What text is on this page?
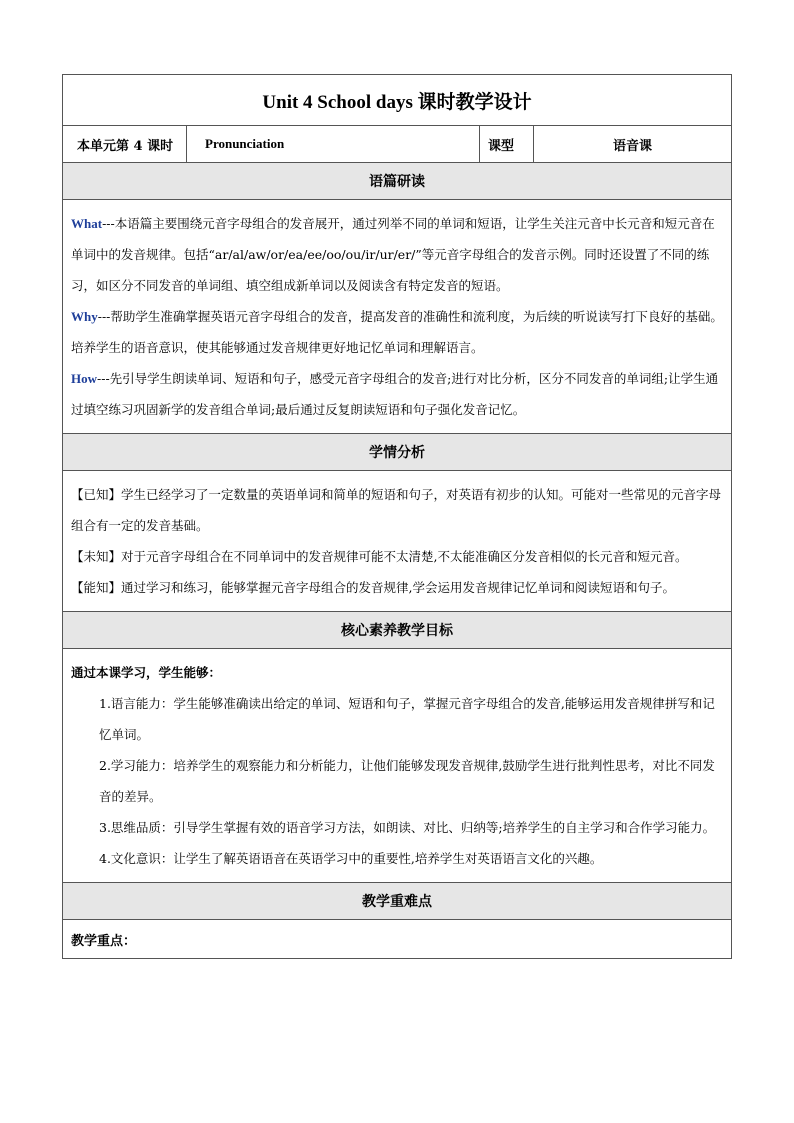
Unit 4 School days 课时教学设计
本单元第 4 课时	Pronunciation	课型	语音课
语篇研读

What---本语篇主要围绕元音字母组合的发音展开，通过列举不同的单词和短语，让学生关注元音中长元音和短元音在单词中的发音规律。包括“ar/al/aw/or/ea/ee/oo/ou/ir/ur/er/”等元音字母组合的发音示例。同时还设置了不同的练习，如区分不同发音的单词组、填空组成新单词以及阅读含有特定发音的短语。

Why---帮助学生准确掌握英语元音字母组合的发音，提高发音的准确性和流利度，为后续的听说读写打下良好的基础。培养学生的语音意识，使其能够通过发音规律更好地记忆单词和理解语言。

How---先引导学生朗读单词、短语和句子，感受元音字母组合的发音;进行对比分析，区分不同发音的单词组;让学生通过填空练习巩固新学的发音组合单词;最后通过反复朗读短语和句子强化发音记忆。

学情分析

【已知】学生已经学习了一定数量的英语单词和简单的短语和句子，对英语有初步的认知。可能对一些常见的元音字母组合有一定的发音基础。

【未知】对于元音字母组合在不同单词中的发音规律可能不太清楚,不太能准确区分发音相似的长元音和短元音。

【能知】通过学习和练习，能够掌握元音字母组合的发音规律,学会运用发音规律记忆单词和阅读短语和句子。

核心素养教学目标

通过本课学习，学生能够：

1.语言能力：学生能够准确读出给定的单词、短语和句子，掌握元音字母组合的发音,能够运用发音规律拼写和记忆单词。

2.学习能力：培养学生的观察能力和分析能力，让他们能够发现发音规律,鼓励学生进行批判性思考，对比不同发音的差异。

3.思维品质：引导学生掌握有效的语音学习方法，如朗读、对比、归纳等;培养学生的自主学习和合作学习能力。

4.文化意识：让学生了解英语语音在英语学习中的重要性,培养学生对英语语言文化的兴趣。

教学重难点
教学重点：
